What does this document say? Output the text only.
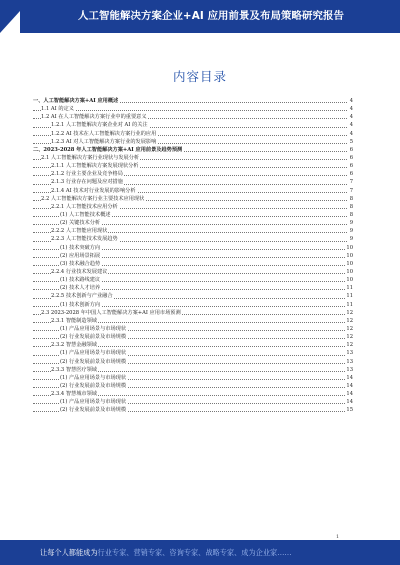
人工智能解决方案企业+AI 应用前景及布局策略研究报告
内容目录
一、人工智能解决方案+AI 应用概述	4
1.1 AI 的定义	4
1.2 AI 在人工智能解决方案行业中的重要意义	4
1.2.1 人工智能解决方案企业对 AI 的关注	4
1.2.2 AI 技术在人工智能解决方案行业的应用	4
1.2.3 AI 对人工智能解决方案行业的发展影响	5
二、2023-2028 年人工智能解决方案+AI 应用前景及趋势预测	6
2.1 人工智能解决方案行业现状与发展分析	6
2.1.1 人工智能解决方案发展现状分析	6
2.1.2 行业主要企业及竞争格局	6
2.1.3 行业存在问题及应对措施	7
2.1.4 AI 技术对行业发展的影响分析	7
2.2 人工智能解决方案行业主要技术应用现状	8
2.2.1 人工智能技术应用分析	8
(1) 人工智能技术概述	8
(2) 关键技术分析	9
2.2.2 人工智能应用现状	9
2.2.3 人工智能技术发展趋势	9
(1) 技术突破方向	10
(2) 应用场景拓展	10
(3) 技术融合趋势	10
2.2.4 行业技术发展建议	10
(1) 技术路线建议	10
(2) 技术人才培养	11
2.2.5 技术创新与产业融合	11
(1) 技术创新方向	11
2.3 2023-2028 年中国人工智能解决方案+AI 应用市场预测	12
2.3.1 智能制造领域	12
(1) 产品应用场景与市场现状	12
(2) 行业发展前景及市场规模	12
2.3.2 智慧金融领域	12
(1) 产品应用场景与市场现状	13
(2) 行业发展前景及市场规模	13
2.3.3 智慧医疗领域	13
(1) 产品应用场景与市场现状	14
(2) 行业发展前景及市场规模	14
2.3.4 智慧城市领域	14
(1) 产品应用场景与市场现状	14
(2) 行业发展前景及市场规模	15
1
让每个人都能成为行业专家、营销专家、咨询专家、战略专家、成为企业家……
